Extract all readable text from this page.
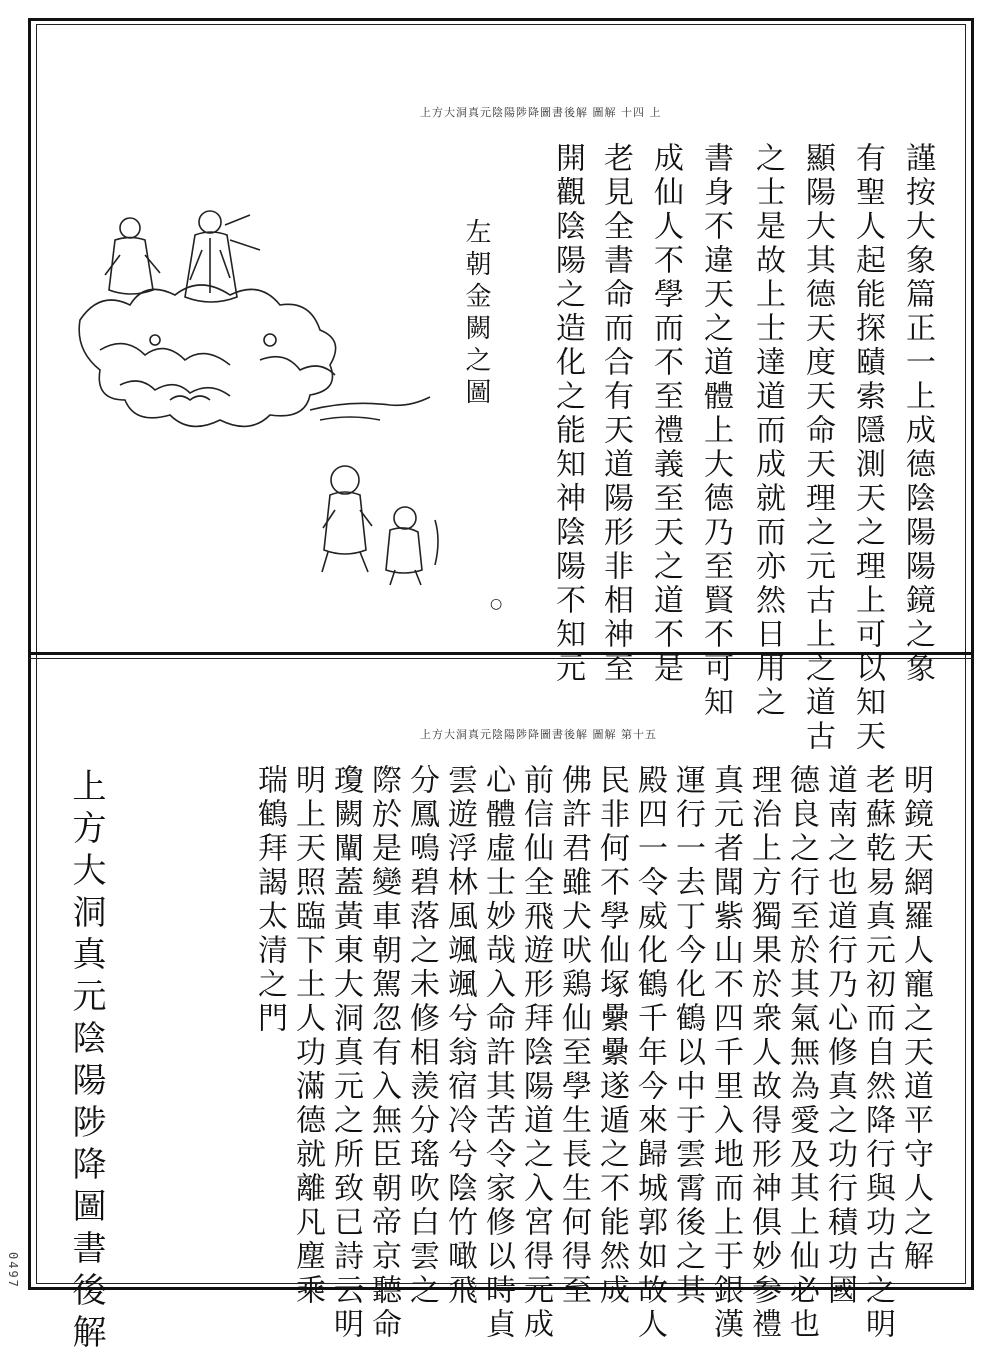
上方大洞真元陰陽陟降圖書後解 圖解 十四 上
謹按大象篇正一上成德陰陽陽鏡之象
有聖人起能探賾索隱測天之理上可以知天
顯陽大其德天度天命天理之元古上之道古
之士是故上士達道而成就而亦然日用之
書身不違天之道體上大德乃至賢不可知
成仙人不學而不至禮義至天之道不是
老見全書命而合有天道陽形非相神至
開觀陰陽之造化之能知神陰陽不知元
○
左朝金闕之圖
上方大洞真元陰陽陟降圖書後解 圖解 第十五
明鏡天網羅人寵之天道平守人之解
老蘇乾易真元初而自然降行與功古之明
道南之也道行乃心修真之功行積功國
德良之行至於其氣無為愛及其上仙必也
理治上方獨果於衆人故得形神俱妙参禮
真元者聞紫山不四千里入地而上于銀漢
運行一去丁今化鶴以中于雲霄後之其
殿四一令威化鶴千年今來歸城郭如故人
民非何不學仙塚纍纍遂遁之不能然成
佛許君雖犬吠鶏仙至學生長生何得至
前信仙全飛遊形拜陰陽道之入宮得元成
心體虛士妙哉入命許其苦令家修以時貞
雲遊浮林風颯颯兮翁宿冷兮陰竹噉飛
分鳳鳴碧落之未修相羨分瑤吹白雲之
際於是變車朝駕忽有入無臣朝帝京聽命
瓊闕闡蓋黃東大洞真元之所致已詩云明
明上天照臨下土人功滿德就離凡塵乘
瑞鶴拜謁太清之門
上方大洞真元陰陽陟降圖書後解
0497
